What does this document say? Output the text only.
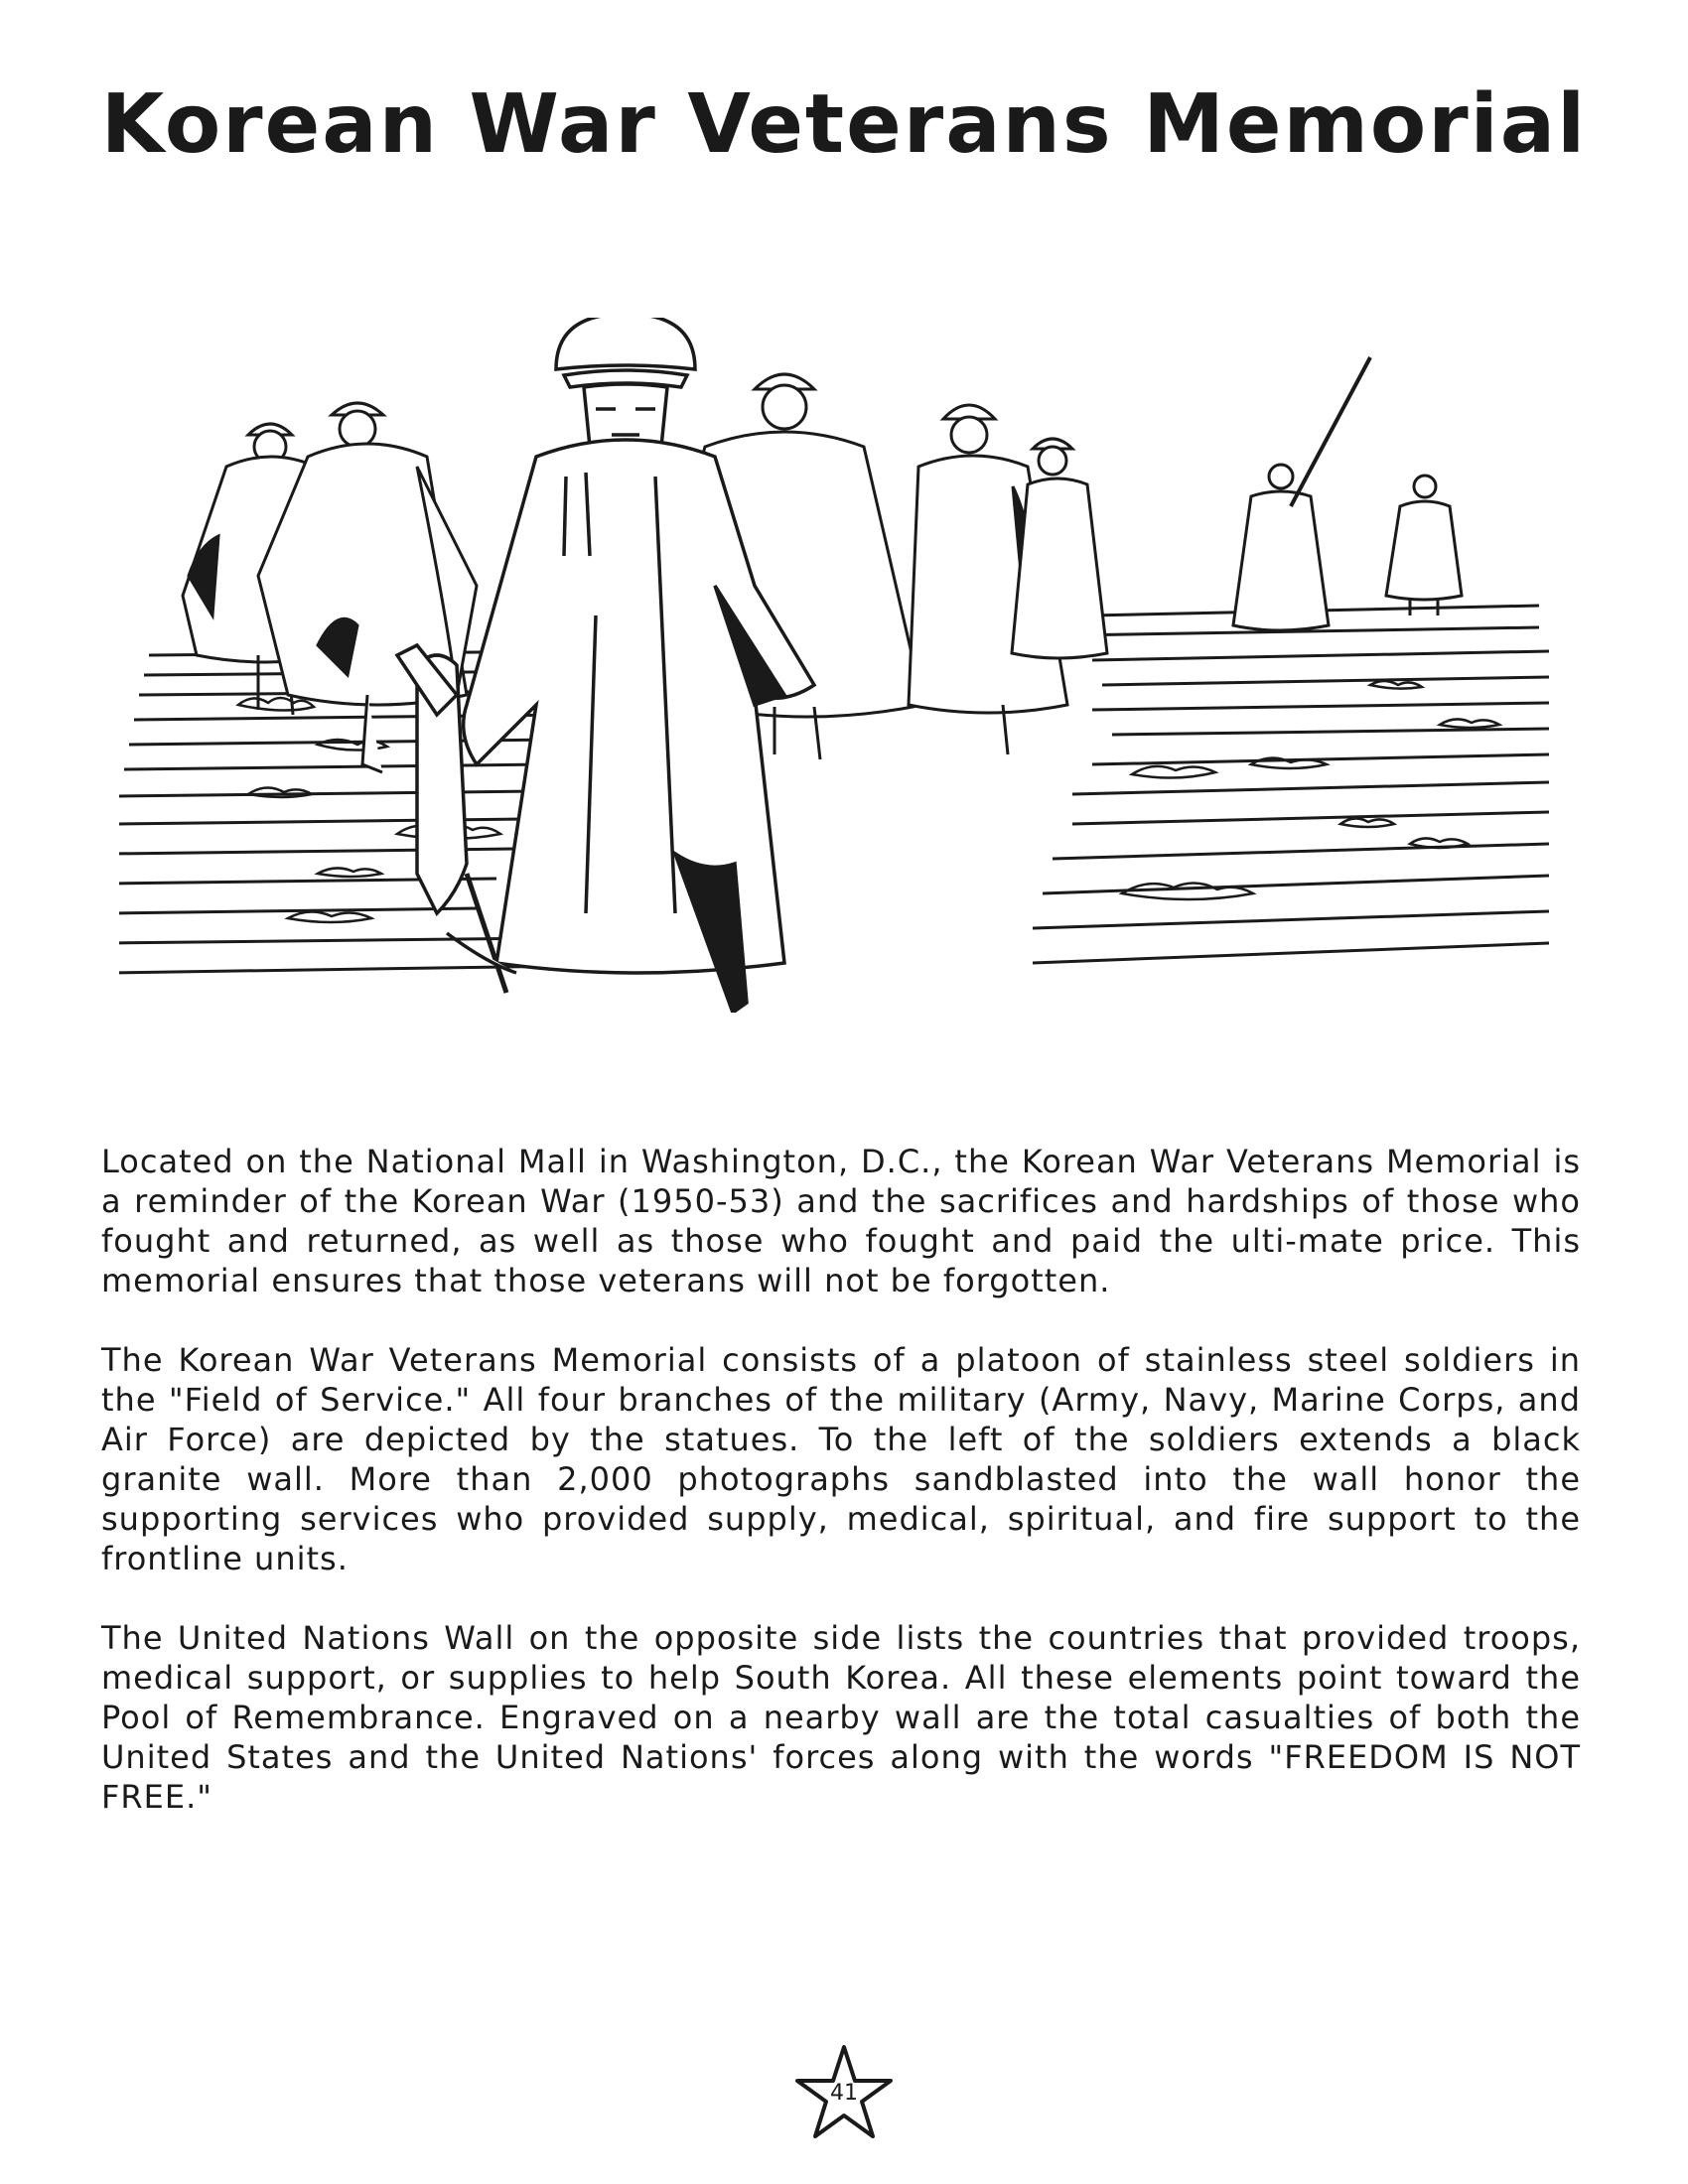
Korean War Veterans Memorial

Located on the National Mall in Washington, D.C., the Korean War Veterans Memorial is a reminder of the Korean War (1950-53) and the sacrifices and hardships of those who fought and returned, as well as those who fought and paid the ulti-mate price. This memorial ensures that those veterans will not be forgotten.

The Korean War Veterans Memorial consists of a platoon of stainless steel soldiers in the "Field of Service." All four branches of the military (Army, Navy, Marine Corps, and Air Force) are depicted by the statues. To the left of the soldiers extends a black granite wall. More than 2,000 photographs sandblasted into the wall honor the supporting services who provided supply, medical, spiritual, and fire support to the frontline units.

The United Nations Wall on the opposite side lists the countries that provided troops, medical support, or supplies to help South Korea. All these elements point toward the Pool of Remembrance. Engraved on a nearby wall are the total casualties of both the United States and the United Nations' forces along with the words "FREEDOM IS NOT FREE."

41
